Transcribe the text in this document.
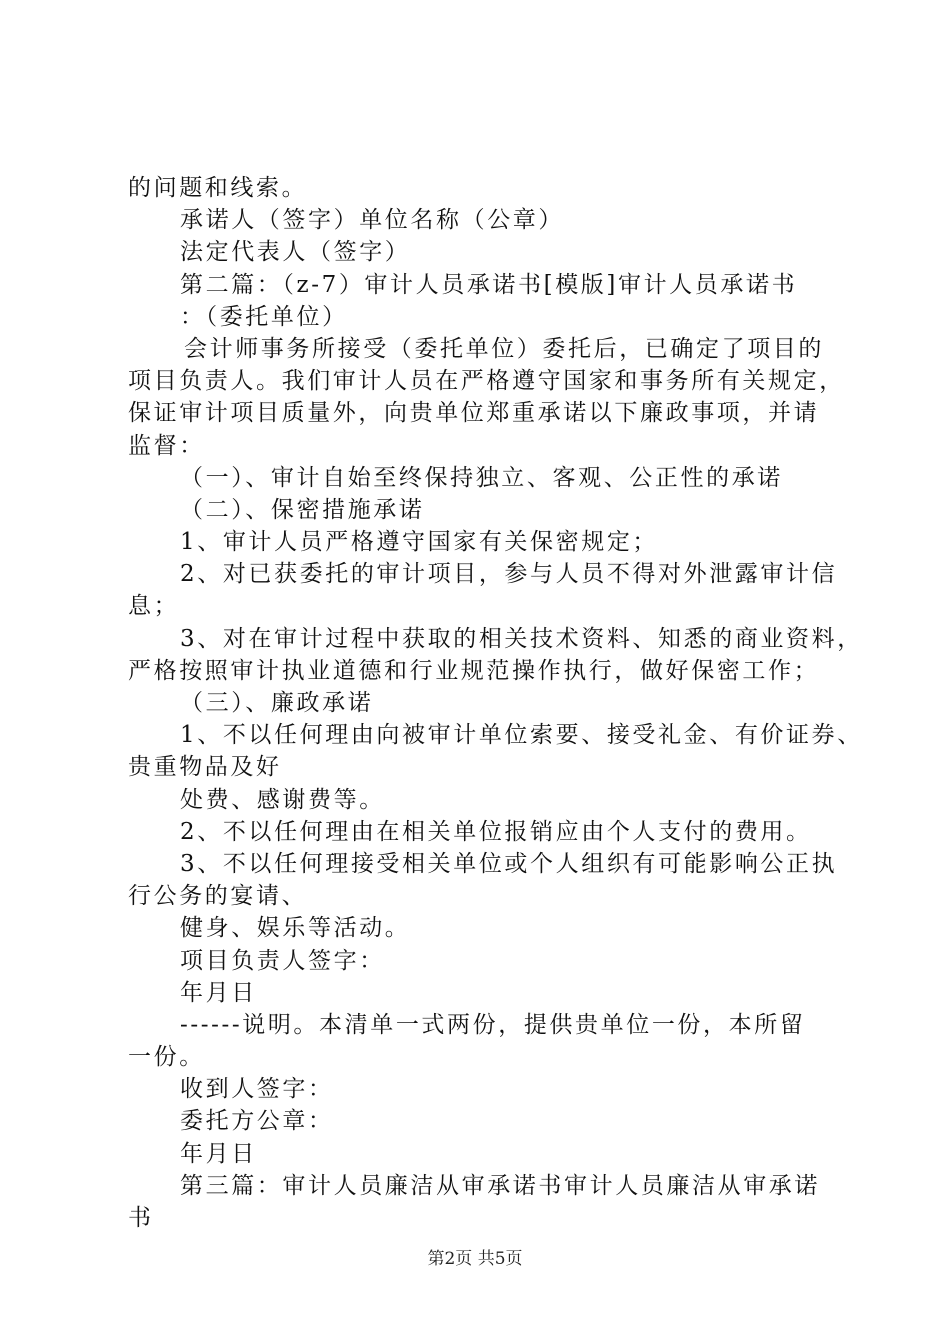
的问题和线索。
承诺人（签字）单位名称（公章）
法定代表人（签字）
第二篇：（z-7）审计人员承诺书[模版]审计人员承诺书
：（委托单位）
会计师事务所接受（委托单位）委托后，已确定了项目的
项目负责人。我们审计人员在严格遵守国家和事务所有关规定，
保证审计项目质量外，向贵单位郑重承诺以下廉政事项，并请
监督：
（一）、审计自始至终保持独立、客观、公正性的承诺
（二）、保密措施承诺
1、审计人员严格遵守国家有关保密规定；
2、对已获委托的审计项目，参与人员不得对外泄露审计信
息；
3、对在审计过程中获取的相关技术资料、知悉的商业资料，
严格按照审计执业道德和行业规范操作执行，做好保密工作；
（三）、廉政承诺
1、不以任何理由向被审计单位索要、接受礼金、有价证券、
贵重物品及好
处费、感谢费等。
2、不以任何理由在相关单位报销应由个人支付的费用。
3、不以任何理接受相关单位或个人组织有可能影响公正执
行公务的宴请、
健身、娱乐等活动。
项目负责人签字：
年月日
------说明。本清单一式两份，提供贵单位一份，本所留
一份。
收到人签字：
委托方公章：
年月日
第三篇：审计人员廉洁从审承诺书审计人员廉洁从审承诺
书
第2页 共5页
